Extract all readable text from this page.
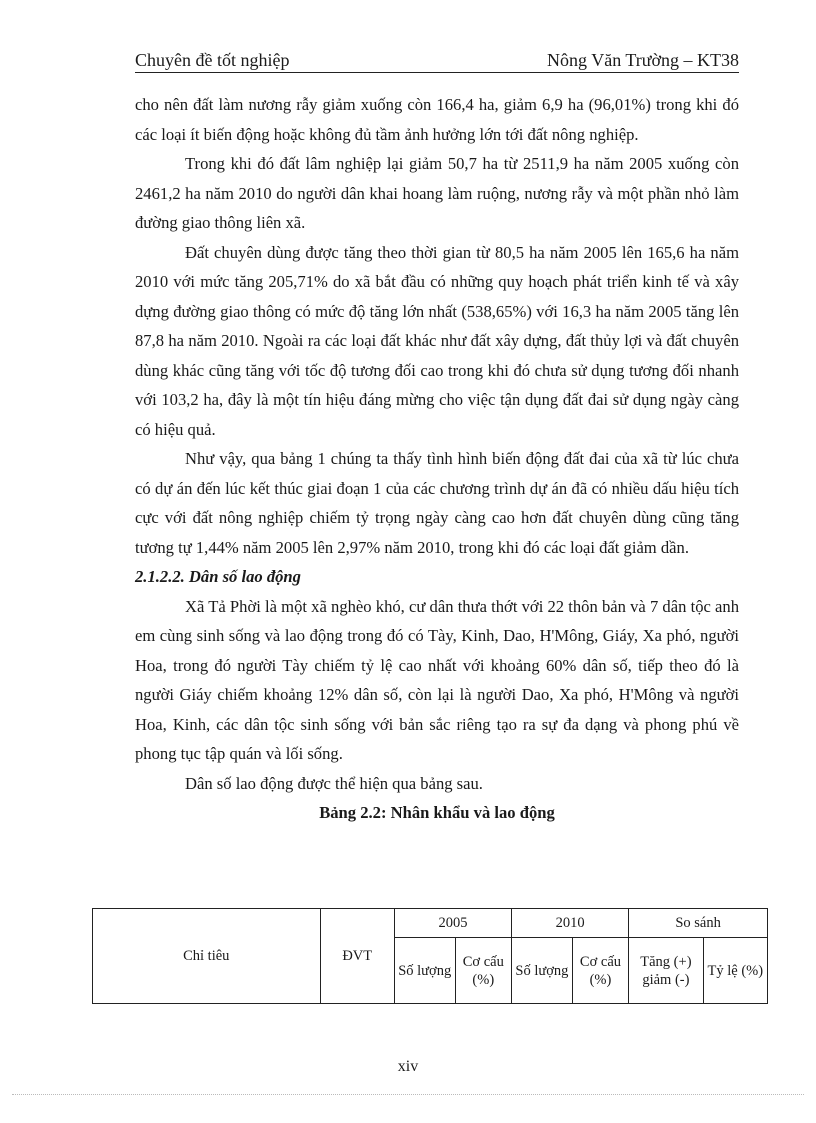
Chuyên đề tốt nghiệp	Nông Văn Trường – KT38

cho nên đất làm nương rẫy giảm xuống còn 166,4 ha, giảm 6,9 ha (96,01%) trong khi đó các loại ít biến động hoặc không đủ tầm ảnh hưởng lớn tới đất nông nghiệp.

Trong khi đó đất lâm nghiệp lại giảm 50,7 ha từ 2511,9 ha năm 2005 xuống còn 2461,2 ha năm 2010 do người dân khai hoang làm ruộng, nương rẫy và một phần nhỏ làm đường giao thông liên xã.

Đất chuyên dùng được tăng theo thời gian từ 80,5 ha năm 2005 lên 165,6 ha năm 2010 với mức tăng 205,71% do xã bắt đầu có những quy hoạch phát triển kinh tế và xây dựng đường giao thông có mức độ tăng lớn nhất (538,65%) với 16,3 ha năm 2005 tăng lên 87,8 ha năm 2010. Ngoài ra các loại đất khác như đất xây dựng, đất thủy lợi và đất chuyên dùng khác cũng tăng với tốc độ tương đối cao trong khi đó chưa sử dụng tương đối nhanh với 103,2 ha, đây là một tín hiệu đáng mừng cho việc tận dụng đất đai sử dụng ngày càng có hiệu quả.

Như vậy, qua bảng 1 chúng ta thấy tình hình biến động đất đai của xã từ lúc chưa có dự án đến lúc kết thúc giai đoạn 1 của các chương trình dự án đã có nhiều dấu hiệu tích cực với đất nông nghiệp chiếm tỷ trọng ngày càng cao hơn đất chuyên dùng cũng tăng tương tự 1,44% năm 2005 lên 2,97% năm 2010, trong khi đó các loại đất giảm dần.

2.1.2.2. Dân số lao động

Xã Tả Phời là một xã nghèo khó, cư dân thưa thớt với 22 thôn bản và 7 dân tộc anh em cùng sinh sống và lao động trong đó có Tày, Kinh, Dao, H'Mông, Giáy, Xa phó, người Hoa, trong đó người Tày chiếm tỷ lệ cao nhất với khoảng 60% dân số, tiếp theo đó là người Giáy chiếm khoảng 12% dân số, còn lại là người Dao, Xa phó, H'Mông và người Hoa, Kinh, các dân tộc sinh sống với bản sắc riêng tạo ra sự đa dạng và phong phú về phong tục tập quán và lối sống.

Dân số lao động được thể hiện qua bảng sau.

Bảng 2.2: Nhân khẩu và lao động

Chỉ tiêu	ĐVT	2005		2010		So sánh	
		Số lượng	Cơ cấu (%)	Số lượng	Cơ cấu (%)	Tăng (+) giảm (-)	Tỷ lệ (%)
xiv
